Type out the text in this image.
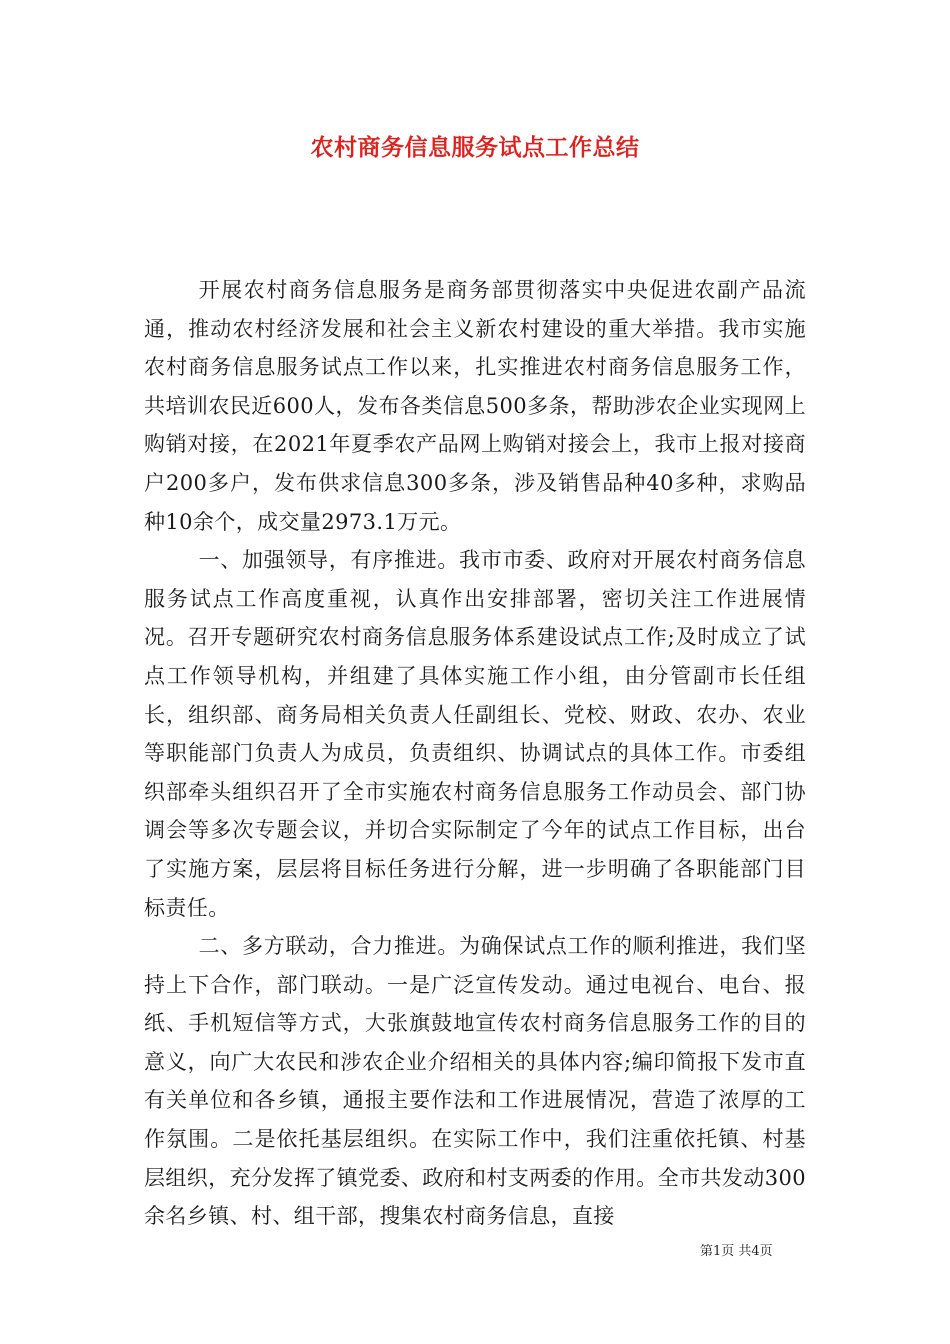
农村商务信息服务试点工作总结

开展农村商务信息服务是商务部贯彻落实中央促进农副产品流通，推动农村经济发展和社会主义新农村建设的重大举措。我市实施农村商务信息服务试点工作以来，扎实推进农村商务信息服务工作，共培训农民近600人，发布各类信息500多条，帮助涉农企业实现网上购销对接，在2021年夏季农产品网上购销对接会上，我市上报对接商户200多户，发布供求信息300多条，涉及销售品种40多种，求购品种10余个，成交量2973.1万元。

一、加强领导，有序推进。我市市委、政府对开展农村商务信息服务试点工作高度重视，认真作出安排部署，密切关注工作进展情况。召开专题研究农村商务信息服务体系建设试点工作;及时成立了试点工作领导机构，并组建了具体实施工作小组，由分管副市长任组长，组织部、商务局相关负责人任副组长、党校、财政、农办、农业等职能部门负责人为成员，负责组织、协调试点的具体工作。市委组织部牵头组织召开了全市实施农村商务信息服务工作动员会、部门协调会等多次专题会议，并切合实际制定了今年的试点工作目标，出台了实施方案，层层将目标任务进行分解，进一步明确了各职能部门目标责任。

二、多方联动，合力推进。为确保试点工作的顺利推进，我们坚持上下合作，部门联动。一是广泛宣传发动。通过电视台、电台、报纸、手机短信等方式，大张旗鼓地宣传农村商务信息服务工作的目的意义，向广大农民和涉农企业介绍相关的具体内容;编印简报下发市直有关单位和各乡镇，通报主要作法和工作进展情况，营造了浓厚的工作氛围。二是依托基层组织。在实际工作中，我们注重依托镇、村基层组织，充分发挥了镇党委、政府和村支两委的作用。全市共发动300余名乡镇、村、组干部，搜集农村商务信息，直接

第1页 共4页
